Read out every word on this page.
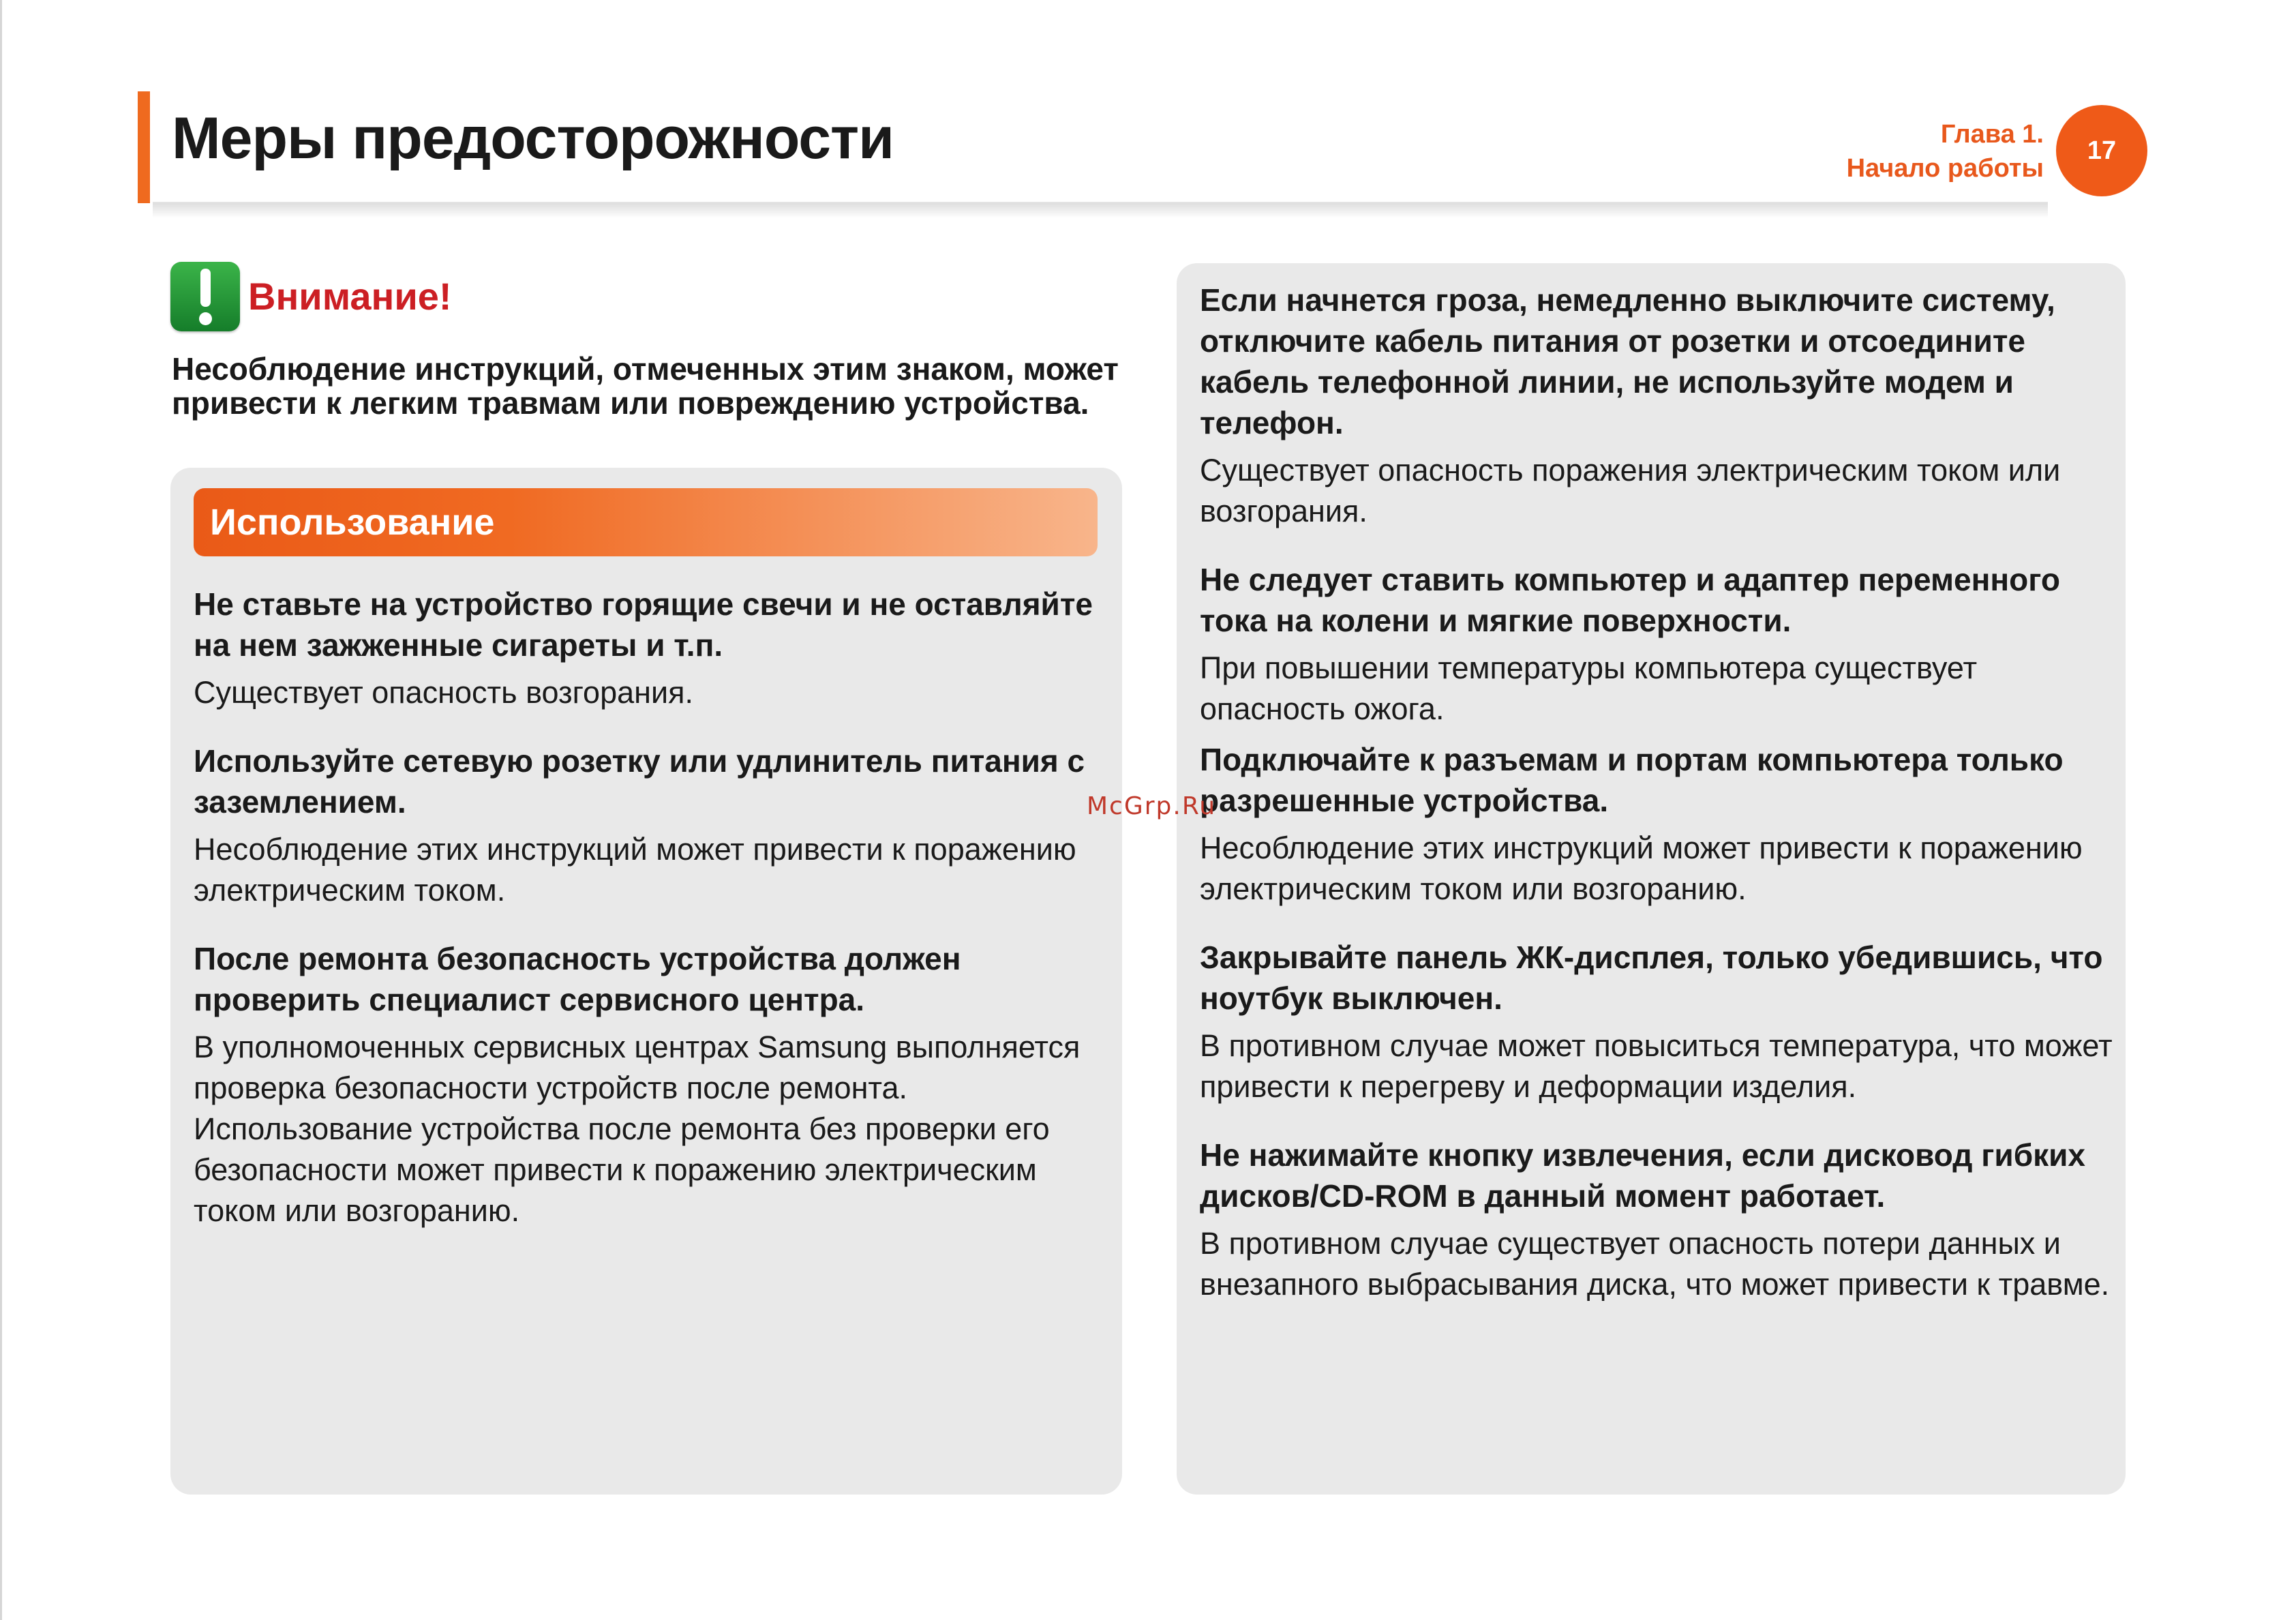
Меры предосторожности	Глава 1.
Начало работы
17
Внимание!

Несоблюдение инструкций, отмеченных этим знаком, может привести к легким травмам или повреждению устройства.

Использование

Не ставьте на устройство горящие свечи и не оставляйте на нем зажженные сигареты и т.п.

Существует опасность возгорания.

Используйте сетевую розетку или удлинитель питания с заземлением.

Несоблюдение этих инструкций может привести к поражению электрическим током.

После ремонта безопасность устройства должен проверить специалист сервисного центра.

В уполномоченных сервисных центрах Samsung выполняется проверка безопасности устройств после ремонта. Использование устройства после ремонта без проверки его безопасности может привести к поражению электрическим током или возгоранию.

Если начнется гроза, немедленно выключите систему, отключите кабель питания от розетки и отсоедините кабель телефонной линии, не используйте модем и телефон.

Существует опасность поражения электрическим током или возгорания.

Не следует ставить компьютер и адаптер переменного тока на колени и мягкие поверхности.

При повышении температуры компьютера существует опасность ожога.

Подключайте к разъемам и портам компьютера только разрешенные устройства.

Несоблюдение этих инструкций может привести к поражению электрическим током или возгоранию.

Закрывайте панель ЖК-дисплея, только убедившись, что ноутбук выключен.

В противном случае может повыситься температура, что может привести к перегреву и деформации изделия.

Не нажимайте кнопку извлечения, если дисковод гибких дисков/CD-ROM в данный момент работает.

В противном случае существует опасность потери данных и внезапного выбрасывания диска, что может привести к травме.

McGrp.Ru
